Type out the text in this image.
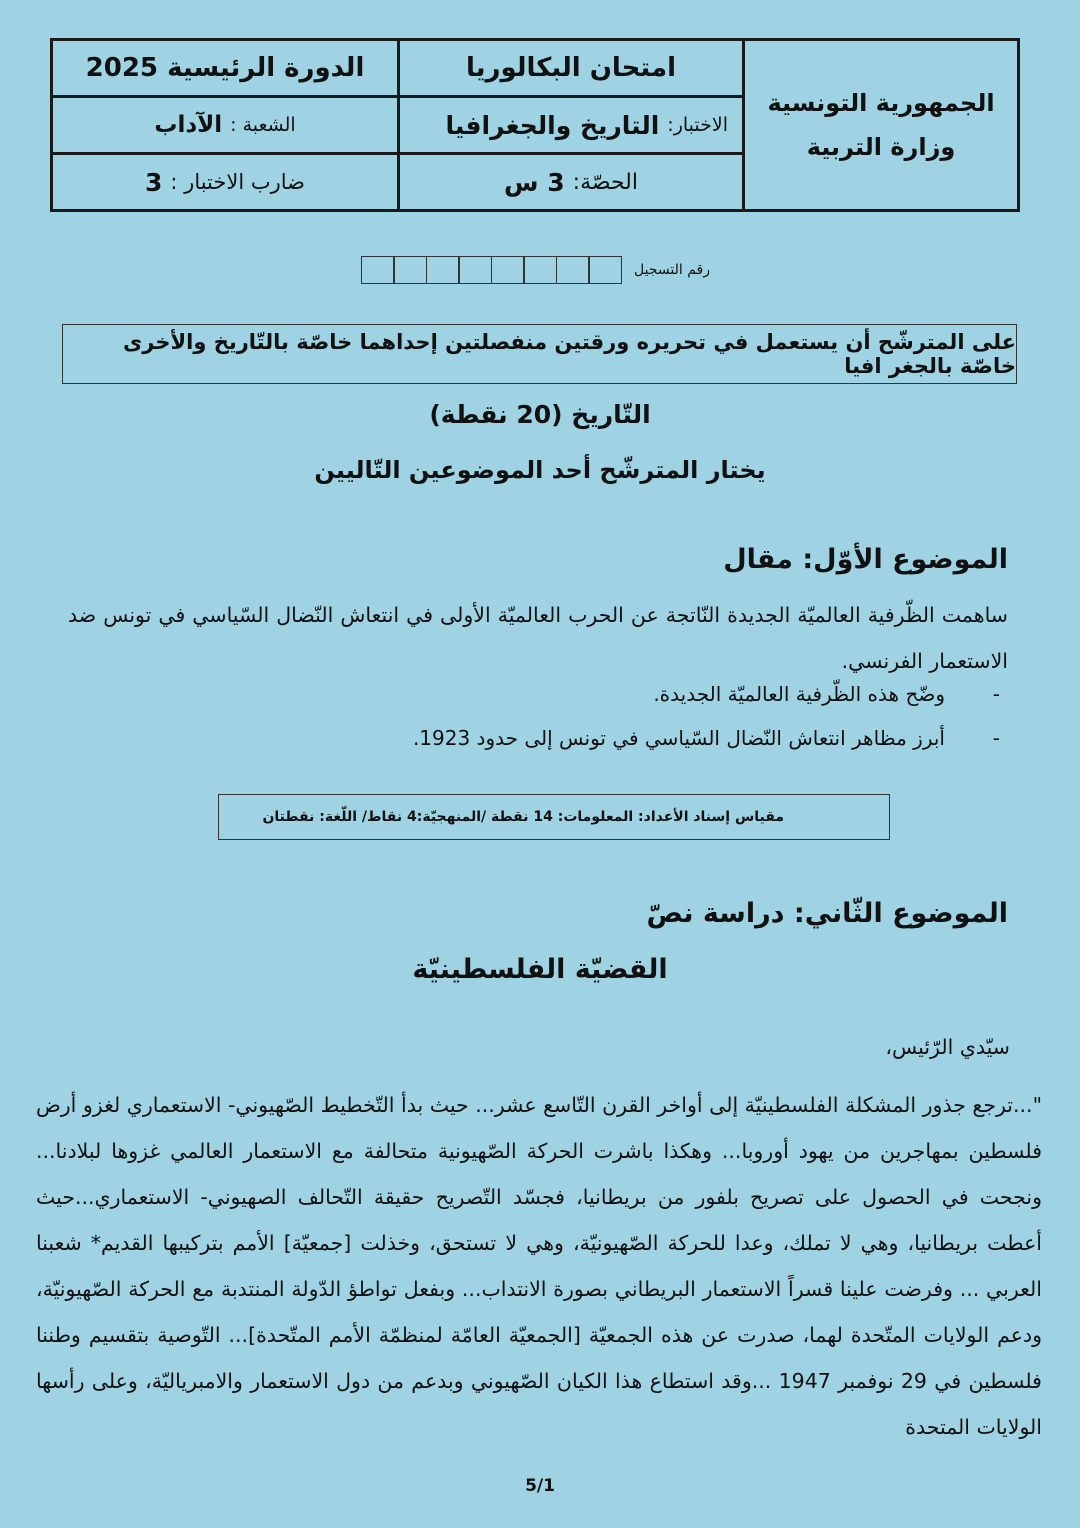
الجمهورية التونسية
وزارة التربية
امتحان البكالوريا
الاختبار:
التاريخ والجغرافيا
الحصّة:
3 س
الدورة الرئيسية 2025
الشعبة :
الآداب
ضارب الاختبار :
3
رقم التسجيل
على المترشّح أن يستعمل في تحريره ورقتين منفصلتين إحداهما خاصّة بالتّاريخ والأخرى خاصّة بالجغر افيا
التّاريخ (20 نقطة)
يختار المترشّح أحد الموضوعين التّاليين
الموضوع الأوّل: مقال
ساهمت الظّرفية العالميّة الجديدة النّاتجة عن الحرب العالميّة الأولى في انتعاش النّضال السّياسي في تونس ضد الاستعمار الفرنسي.
-وضّح هذه الظّرفية العالميّة الجديدة.
-أبرز مظاهر انتعاش النّضال السّياسي في تونس إلى حدود 1923.
مقياس إسناد الأعداد: المعلومات: 14 نقطة /المنهجيّة:4 نقاط/ اللّغة: نقطتان
الموضوع الثّاني: دراسة نصّ
القضيّة الفلسطينيّة
سيّدي الرّئيس،
"...ترجع جذور المشكلة الفلسطينيّة إلى أواخر القرن التّاسع عشر... حيث بدأ التّخطيط الصّهيوني- الاستعماري لغزو أرض فلسطين بمهاجرين من يهود أوروبا... وهكذا باشرت الحركة الصّهيونية متحالفة مع الاستعمار العالمي غزوها لبلادنا... ونجحت في الحصول على تصريح بلفور من بريطانيا، فجسّد التّصريح حقيقة التّحالف الصهيوني- الاستعماري...حيث أعطت بريطانيا، وهي لا تملك، وعدا للحركة الصّهيونيّة، وهي لا تستحق، وخذلت [جمعيّة] الأمم بتركيبها القديم* شعبنا العربي ... وفرضت علينا قسراً الاستعمار البريطاني بصورة الانتداب... وبفعل تواطؤ الدّولة المنتدبة مع الحركة الصّهيونيّة، ودعم الولايات المتّحدة لهما، صدرت عن هذه الجمعيّة [الجمعيّة العامّة لمنظمّة الأمم المتّحدة]... التّوصية بتقسيم وطننا فلسطين في 29 نوفمبر 1947 ...وقد استطاع هذا الكيان الصّهيوني وبدعم من دول الاستعمار والامبرياليّة، وعلى رأسها الولايات المتحدة
5/1
